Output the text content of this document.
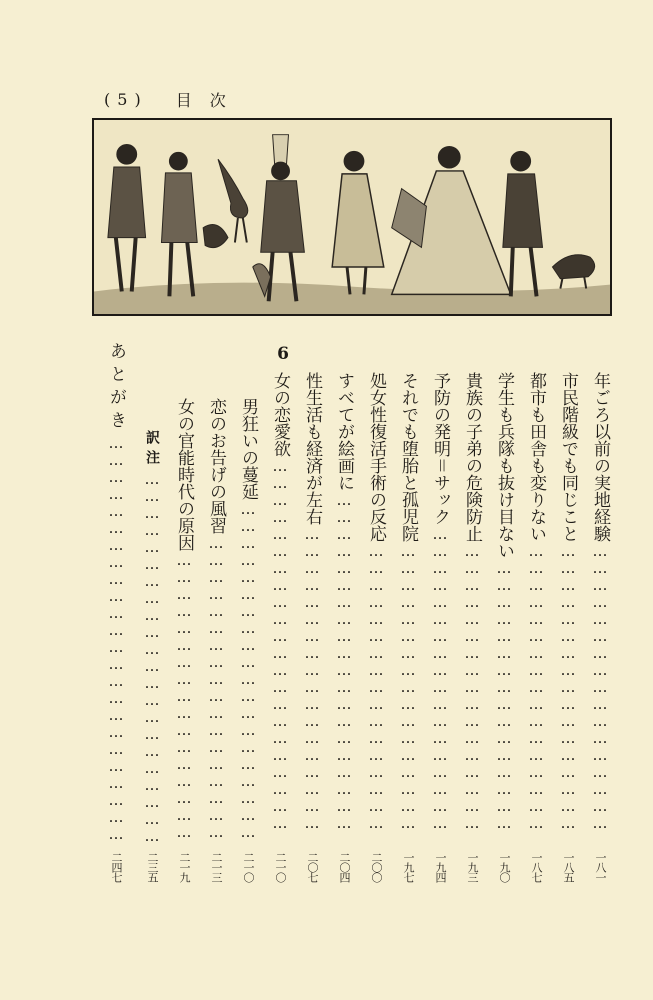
( 5 ) 目　次
6
年ごろ以前の実地経験……………………………………………
市民階級でも同じこと……………………………………………
都市も田舎も変りない……………………………………………
学生も兵隊も抜け目ない…………………………………………
貴族の子弟の危険防止……………………………………………
予防の発明＝サック………………………………………………
それでも堕胎と孤児院……………………………………………
処女性復活手術の反応……………………………………………
すべてが絵画に……………………………………………………
性生活も経済が左右………………………………………………
女の恋愛欲…………………………………………………………
男狂いの蔓延……………………………………………………
恋のお告げの風習………………………………………………
女の官能時代の原因……………………………………………
訳注…………………………………………………………
あとがき………………………………………………………………
一八一
一八五
一八七
一九〇
一九三
一九四
一九七
二〇〇
二〇四
二〇七
二一〇
二一〇
二一三
二一九
二三五
二四七
